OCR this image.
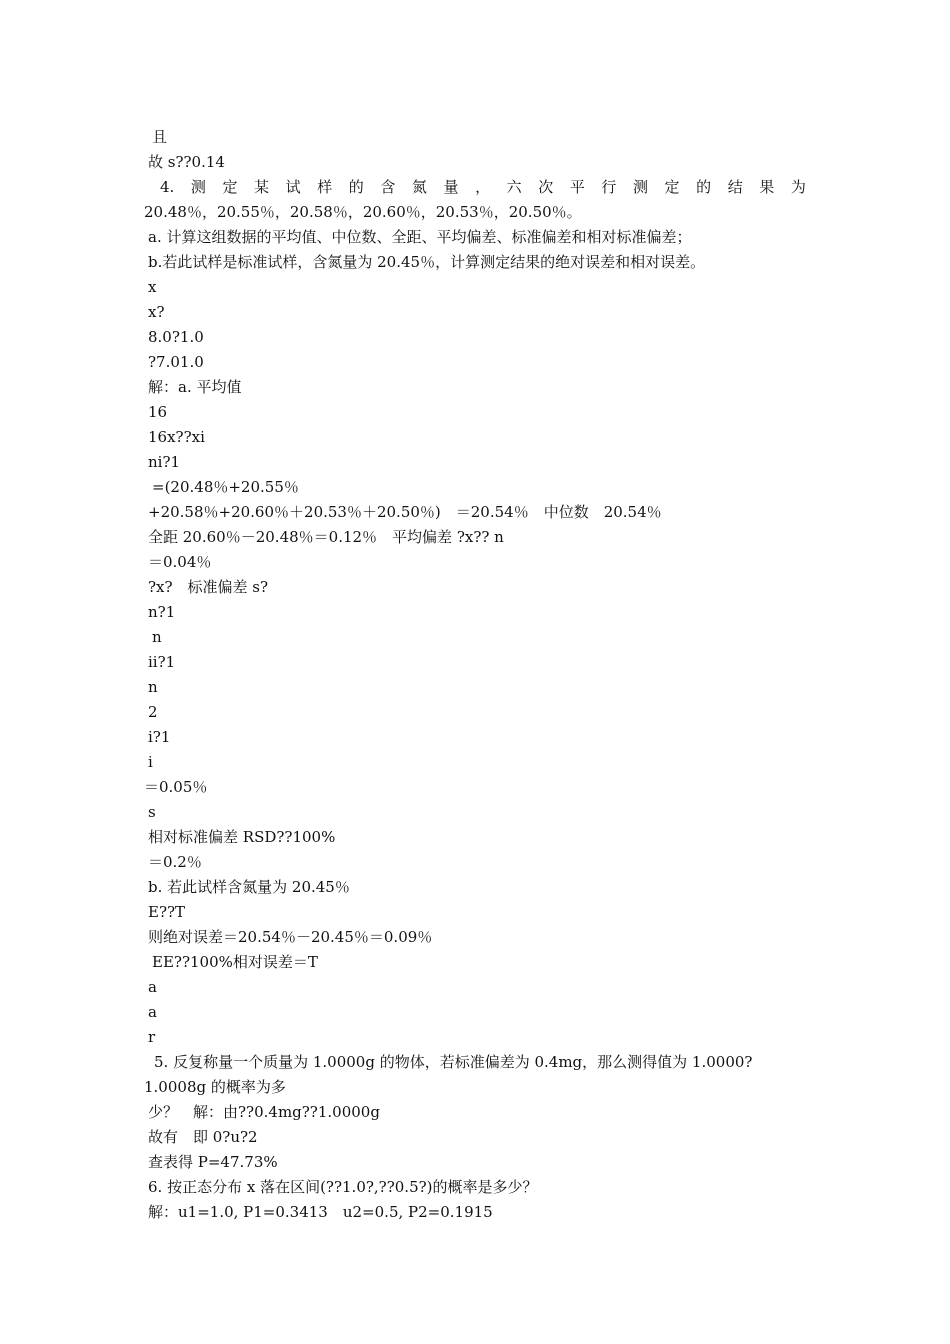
且
故 s??0.14
4. 测 定 某 试 样 的 含 氮 量 ， 六 次 平 行 测 定 的 结 果 为
20.48％，20.55％，20.58％，20.60％，20.53％，20.50％。
a. 计算这组数据的平均值、中位数、全距、平均偏差、标准偏差和相对标准偏差；
b.若此试样是标准试样，含氮量为 20.45％，计算测定结果的绝对误差和相对误差。
x
x?
8.0?1.0
?7.01.0
解：a. 平均值
16
16x??xi
ni?1
=(20.48％+20.55％
+20.58％+20.60％＋20.53％＋20.50％)　＝20.54％　中位数　20.54％
全距 20.60％－20.48％＝0.12％　平均偏差 ?x?? n
＝0.04％
?x?　标准偏差 s?
n?1
n
ii?1
n
2
i?1
i
＝0.05％
s
相对标准偏差 RSD??100%
＝0.2％
b. 若此试样含氮量为 20.45％
E??T
则绝对误差＝20.54％－20.45％＝0.09％
EE??100%相对误差＝T
a
a
r
5. 反复称量一个质量为 1.0000g 的物体，若标准偏差为 0.4mg，那么测得值为 1.0000?
1.0008g 的概率为多
少？　解：由??0.4mg??1.0000g
故有　即 0?u?2
查表得 P=47.73%
6. 按正态分布 x 落在区间(??1.0?,??0.5?)的概率是多少？
解：u1=1.0, P1=0.3413　u2=0.5, P2=0.1915
